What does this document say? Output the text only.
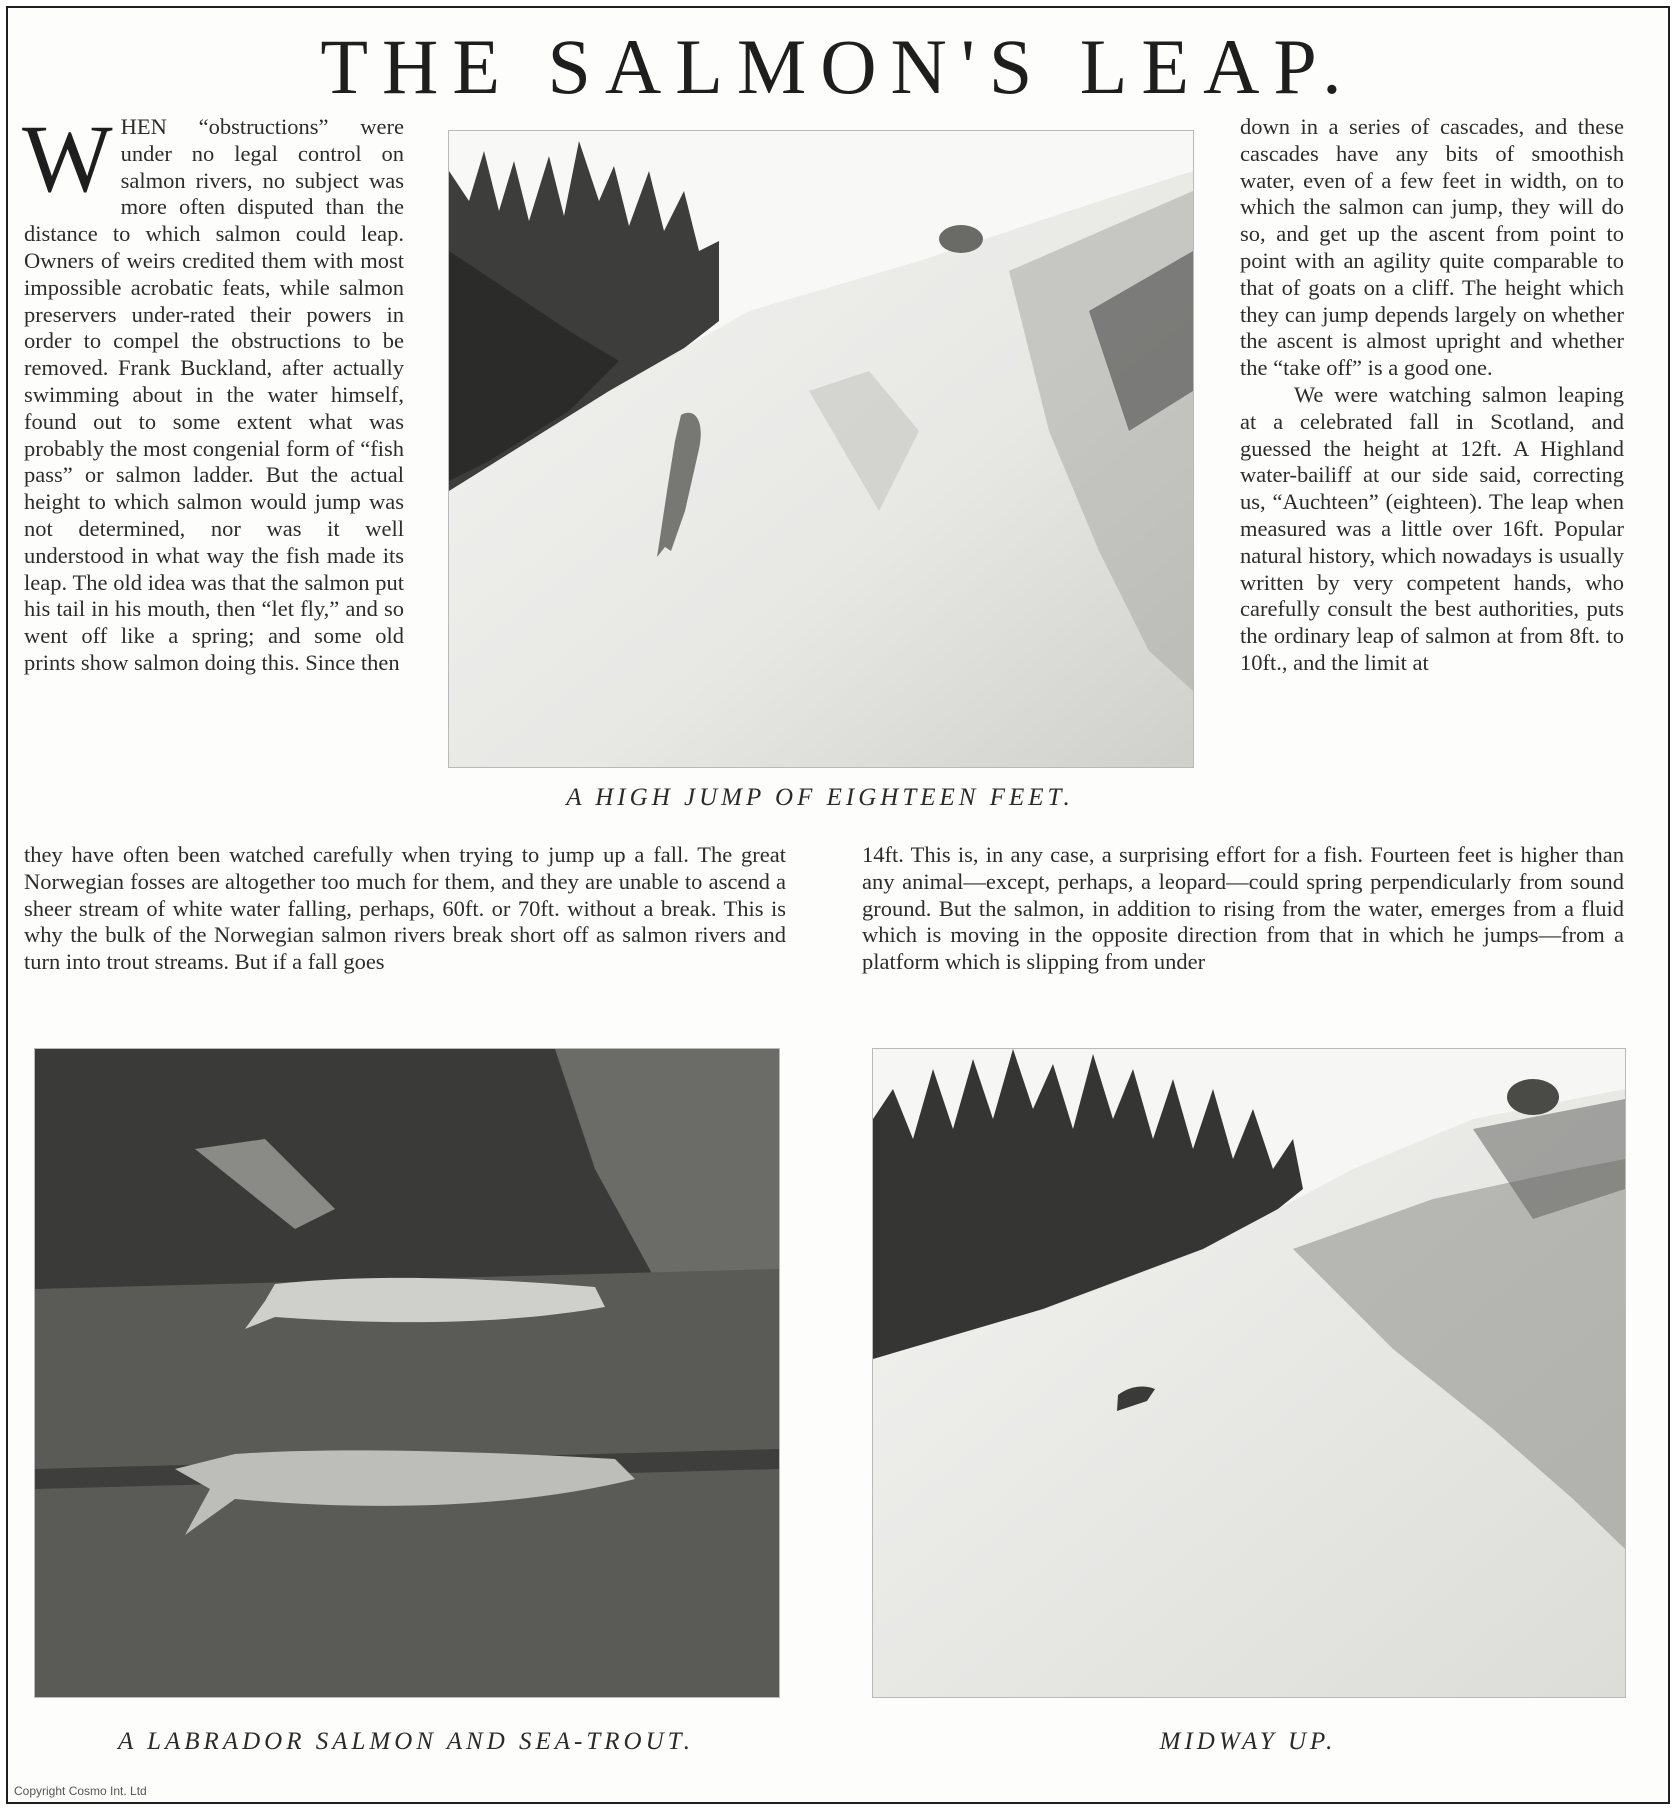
THE SALMON'S LEAP.

WHEN “obstructions” were under no legal control on salmon rivers, no subject was more often disputed than the distance to which salmon could leap. Owners of weirs credited them with most impossible acrobatic feats, while salmon preservers under-rated their powers in order to compel the obstructions to be removed. Frank Buckland, after actually swimming about in the water himself, found out to some extent what was probably the most congenial form of “fish pass” or salmon ladder. But the actual height to which salmon would jump was not determined, nor was it well understood in what way the fish made its leap. The old idea was that the salmon put his tail in his mouth, then “let fly,” and so went off like a spring; and some old prints show salmon doing this. Since then

A HIGH JUMP OF EIGHTEEN FEET.

down in a series of cascades, and these cascades have any bits of smoothish water, even of a few feet in width, on to which the salmon can jump, they will do so, and get up the ascent from point to point with an agility quite comparable to that of goats on a cliff. The height which they can jump depends largely on whether the ascent is almost upright and whether the “take off” is a good one.

We were watching salmon leaping at a celebrated fall in Scotland, and guessed the height at 12ft. A Highland water-bailiff at our side said, correcting us, “Auchteen” (eighteen). The leap when measured was a little over 16ft. Popular natural history, which nowadays is usually written by very competent hands, who carefully consult the best authorities, puts the ordinary leap of salmon at from 8ft. to 10ft., and the limit at

they have often been watched carefully when trying to jump up a fall. The great Norwegian fosses are altogether too much for them, and they are unable to ascend a sheer stream of white water falling, perhaps, 60ft. or 70ft. without a break. This is why the bulk of the Norwegian salmon rivers break short off as salmon rivers and turn into trout streams. But if a fall goes

14ft. This is, in any case, a surprising effort for a fish. Fourteen feet is higher than any animal—except, perhaps, a leopard—could spring perpendicularly from sound ground. But the salmon, in addition to rising from the water, emerges from a fluid which is moving in the opposite direction from that in which he jumps—from a platform which is slipping from under

A LABRADOR SALMON AND SEA-TROUT.	MIDWAY UP.

Copyright Cosmo Int. Ltd
